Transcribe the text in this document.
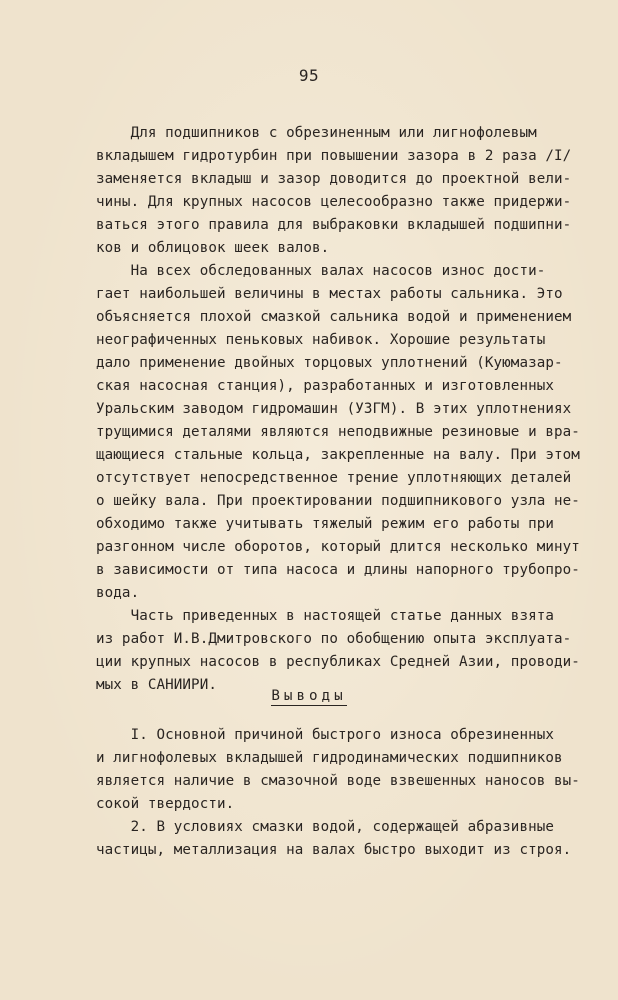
95
Для подшипников с обрезиненным или лигнофолевым
вкладышем гидротурбин при повышении зазора в 2 раза /I/
заменяется вкладыш и зазор доводится до проектной вели-
чины. Для крупных насосов целесообразно также придержи-
ваться этого правила для выбраковки вкладышей подшипни-
ков и облицовок шеек валов.
На всех обследованных валах насосов износ дости-
гает наибольшей величины в местах работы сальника. Это
объясняется плохой смазкой сальника водой и применением
неографиченных пеньковых набивок. Хорошие результаты
дало применение двойных торцовых уплотнений (Куюмазар-
ская насосная станция), разработанных и изготовленных
Уральским заводом гидромашин (УЗГМ). В этих уплотнениях
трущимися деталями являются неподвижные резиновые и вра-
щающиеся стальные кольца, закрепленные на валу. При этом
отсутствует непосредственное трение уплотняющих деталей
о шейку вала. При проектировании подшипникового узла не-
обходимо также учитывать тяжелый режим его работы при
разгонном числе оборотов, который длится несколько минут
в зависимости от типа насоса и длины напорного трубопро-
вода.
Часть приведенных в настоящей статье данных взята
из работ И.В.Дмитровского по обобщению опыта эксплуата-
ции крупных насосов в республиках Средней Азии, проводи-
мых в САНИИРИ.
Выводы
I. Основной причиной быстрого износа обрезиненных
и лигнофолевых вкладышей гидродинамических подшипников
является наличие в смазочной воде взвешенных наносов вы-
сокой твердости.
2. В условиях смазки водой, содержащей абразивные
частицы, металлизация на валах быстро выходит из строя.
